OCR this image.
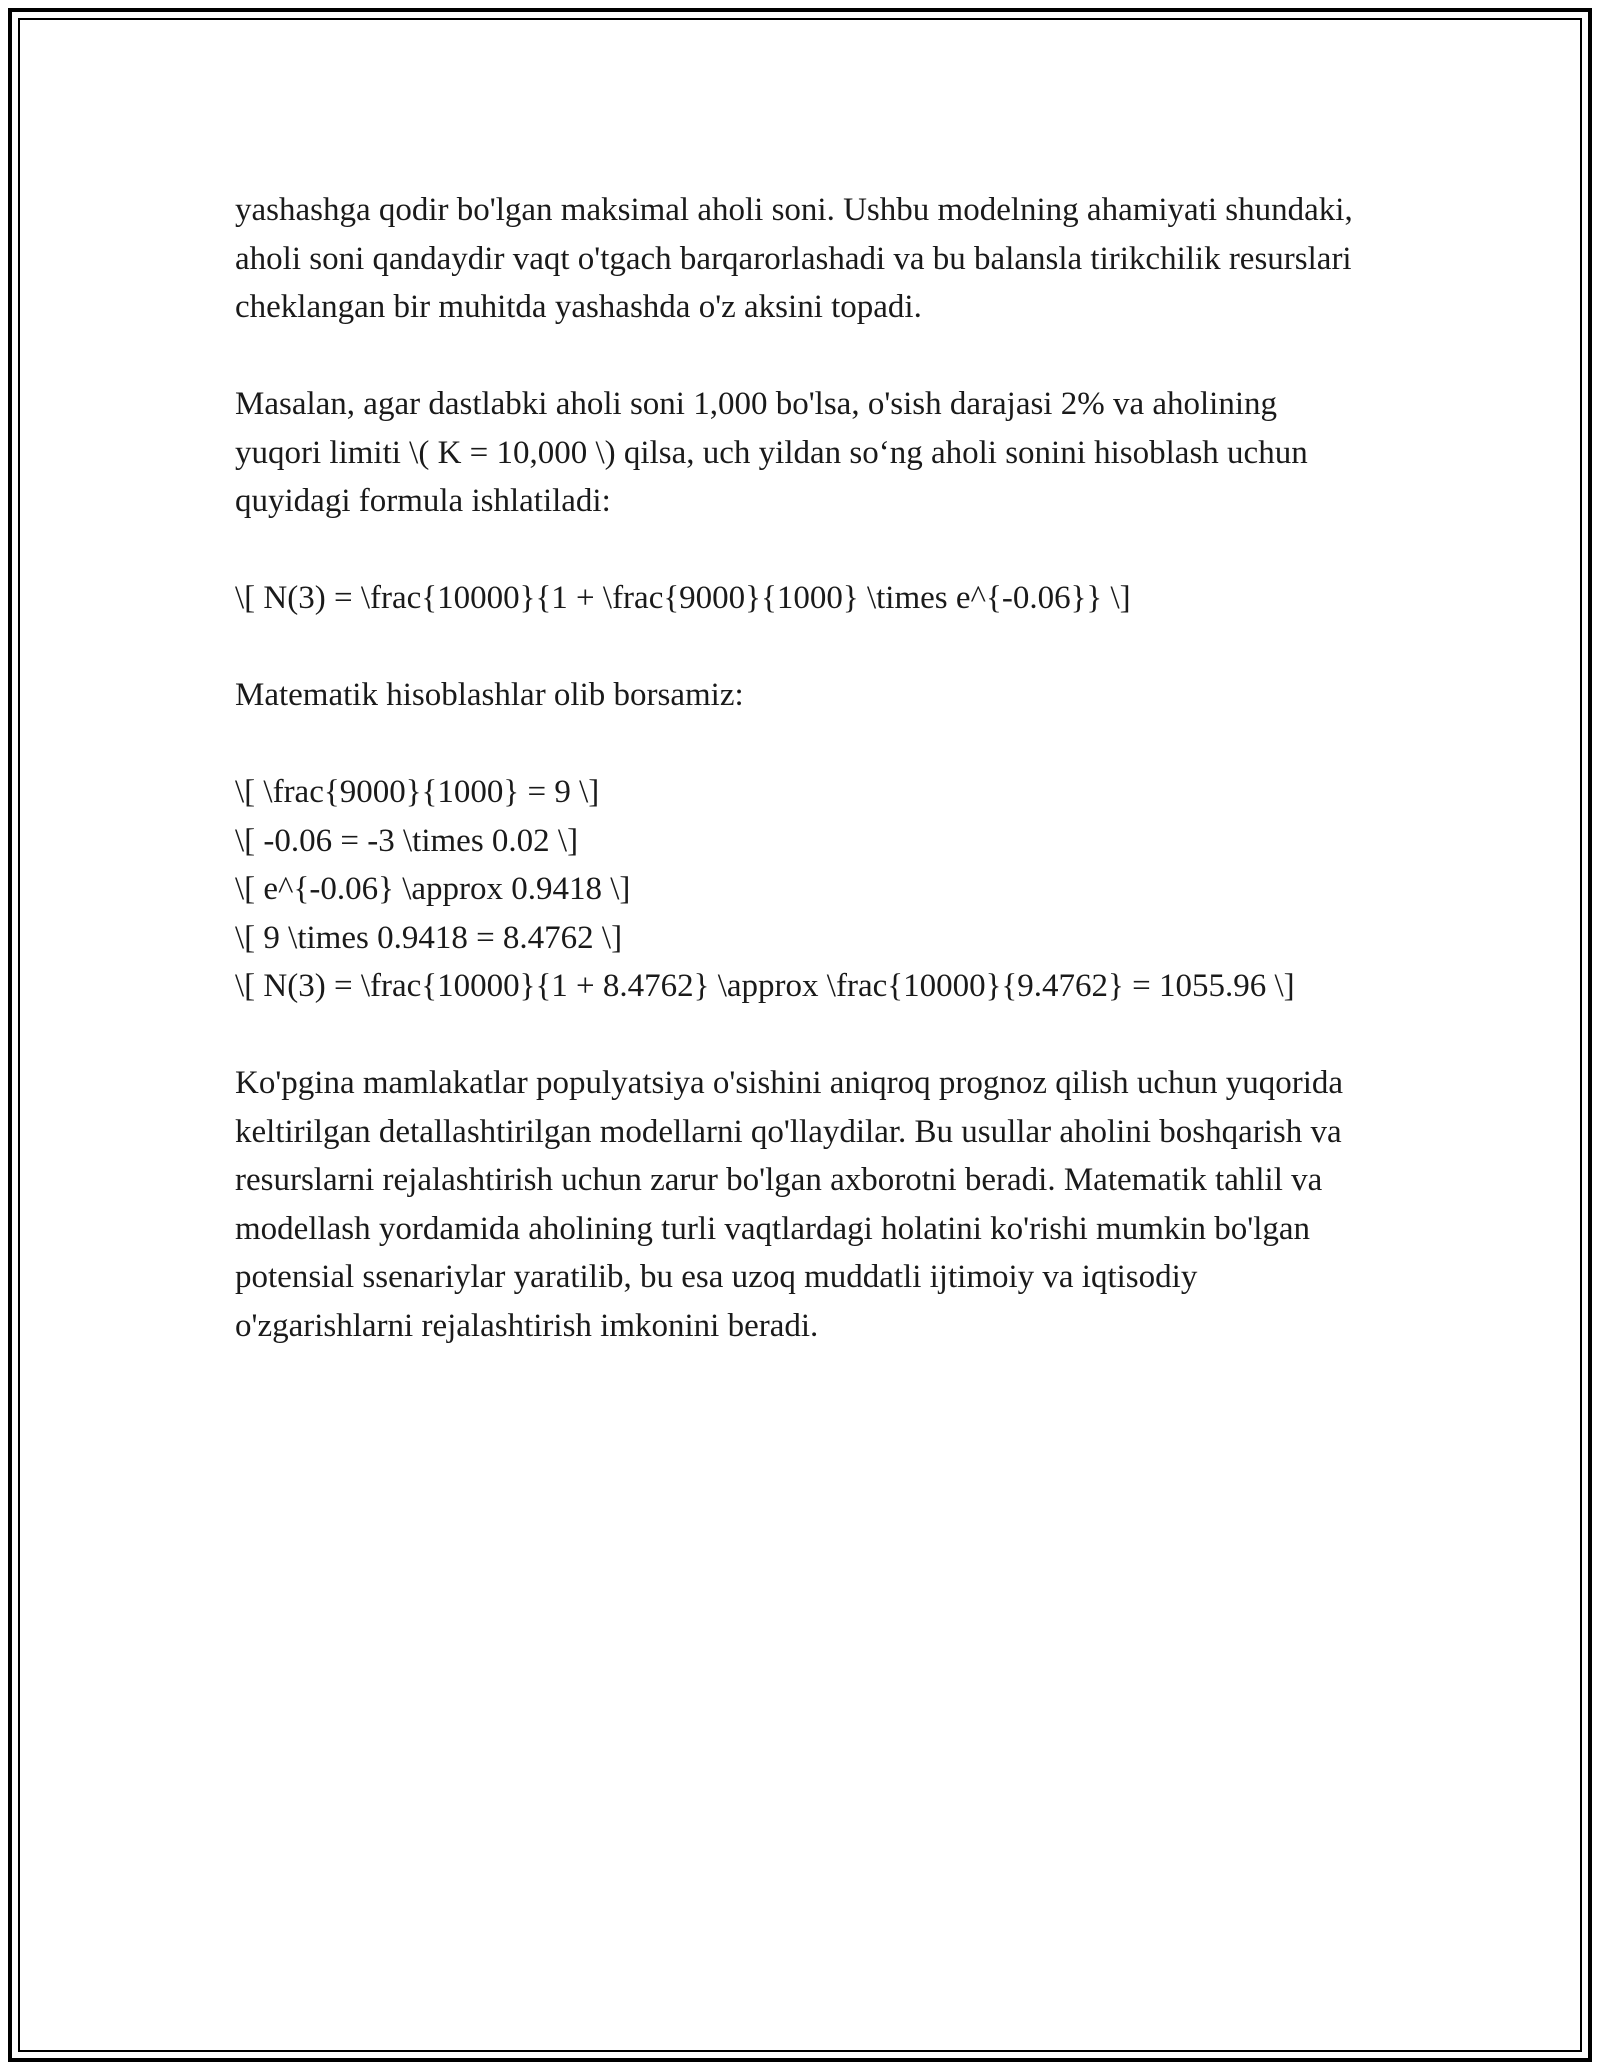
yashashga qodir bo'lgan maksimal aholi soni. Ushbu modelning ahamiyati shundaki, aholi soni qandaydir vaqt o'tgach barqarorlashadi va bu balansla tirikchilik resurslari cheklangan bir muhitda yashashda o'z aksini topadi.

Masalan, agar dastlabki aholi soni 1,000 bo'lsa, o'sish darajasi 2% va aholining yuqori limiti \( K = 10,000 \) qilsa, uch yildan so‘ng aholi sonini hisoblash uchun quyidagi formula ishlatiladi:

\[ N(3) = \frac{10000}{1 + \frac{9000}{1000} \times e^{-0.06}} \]

Matematik hisoblashlar olib borsamiz:

\[ \frac{9000}{1000} = 9 \]
\[ -0.06 = -3 \times 0.02 \]
\[ e^{-0.06} \approx 0.9418 \]
\[ 9 \times 0.9418 = 8.4762 \]
\[ N(3) = \frac{10000}{1 + 8.4762} \approx \frac{10000}{9.4762} = 1055.96 \]

Ko'pgina mamlakatlar populyatsiya o'sishini aniqroq prognoz qilish uchun yuqorida keltirilgan detallashtirilgan modellarni qo'llaydilar. Bu usullar aholini boshqarish va resurslarni rejalashtirish uchun zarur bo'lgan axborotni beradi. Matematik tahlil va modellash yordamida aholining turli vaqtlardagi holatini ko'rishi mumkin bo'lgan potensial ssenariylar yaratilib, bu esa uzoq muddatli ijtimoiy va iqtisodiy o'zgarishlarni rejalashtirish imkonini beradi.
